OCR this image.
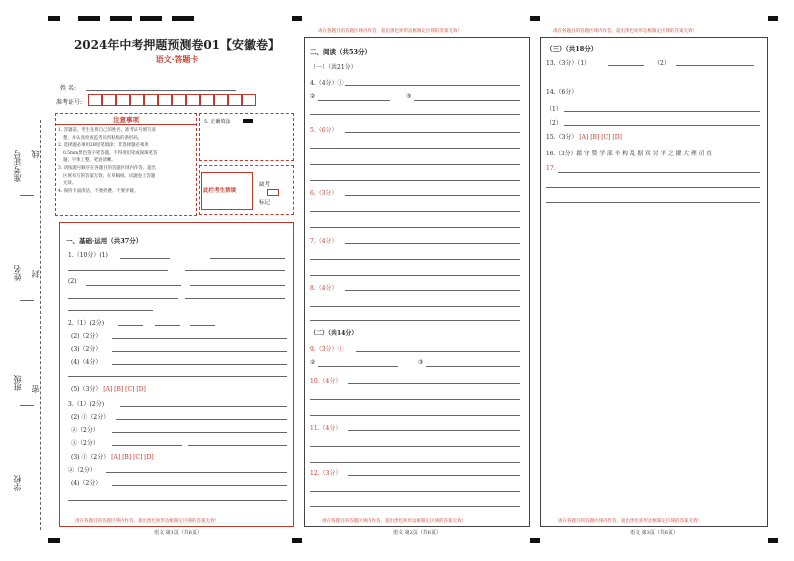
准考证号 线
姓名 封
班级 密
学校
2024年中考押题预测卷01【安徽卷】
语文·答题卡
姓 名:
准考证号:
注意事项
1. 答题前，考生先将自己的姓名，准考证号填写清
楚，并认真检查监考员所粘贴的条形码。
2. 选择题必须用2B铅笔填涂；非选择题必须用
0.5mm黑色签字笔答题，不得用铅笔或圆珠笔答
题；字体工整、笔迹清晰。
3. 请按题号顺序在各题目的答题区域内作答，超出
区域书写的答案无效；在草稿纸、试题卷上答题
无效。
4. 保持卡面清洁，不要折叠、不要弄破。
5. 正确填涂
此栏考生禁填
缺考
标记
一、基础·运用（共37分）
1.（10分）(1)
(2)
2.（1）(2分)
(2)（2分）
(3)（2分）
(4)（4分）
(5)（3分） [A] [B] [C] [D]
3.（1）(2分)
(2) ①（2分）
②（2分）
③（2分）
(3) ①（2分） [A] [B] [C] [D]
②（2分）
(4)（2分）
请在各题目的答题区域内作答，超出黑色矩形边框限定区域的答案无效！
语文 第1页（共6页）
请在各题目的答题区域内作答，超出黑色矩形边框限定区域的答案无效！
二、阅读（共53分）
（一）（共21分）
4.（4分）①
②	③
5.（6分）
6.（3分）
7.（4分）
8.（4分）
（二）（共14分）
9.（3分）①
②	③
10.（4分）
11.（4分）
12.（3分）
请在各题目的答题区域内作答，超出黑色矩形边框限定区域的答案无效！
语文 第2页（共6页）
请在各题目的答题区域内作答，超出黑色矩形边框限定区域的答案无效！
（三）（共18分）
13.（3分）（1）	（2）
14.（6分）
（1）
（2）
15.（3分） [A] [B] [C] [D]
16.（3分）郡 守 赞 学 部 辛 构 乱 据 宾 讨 平 之 擢 大 理 司 直
17.
请在各题目的答题区域内作答，超出黑色矩形边框限定区域的答案无效！
语文 第3页（共6页）
